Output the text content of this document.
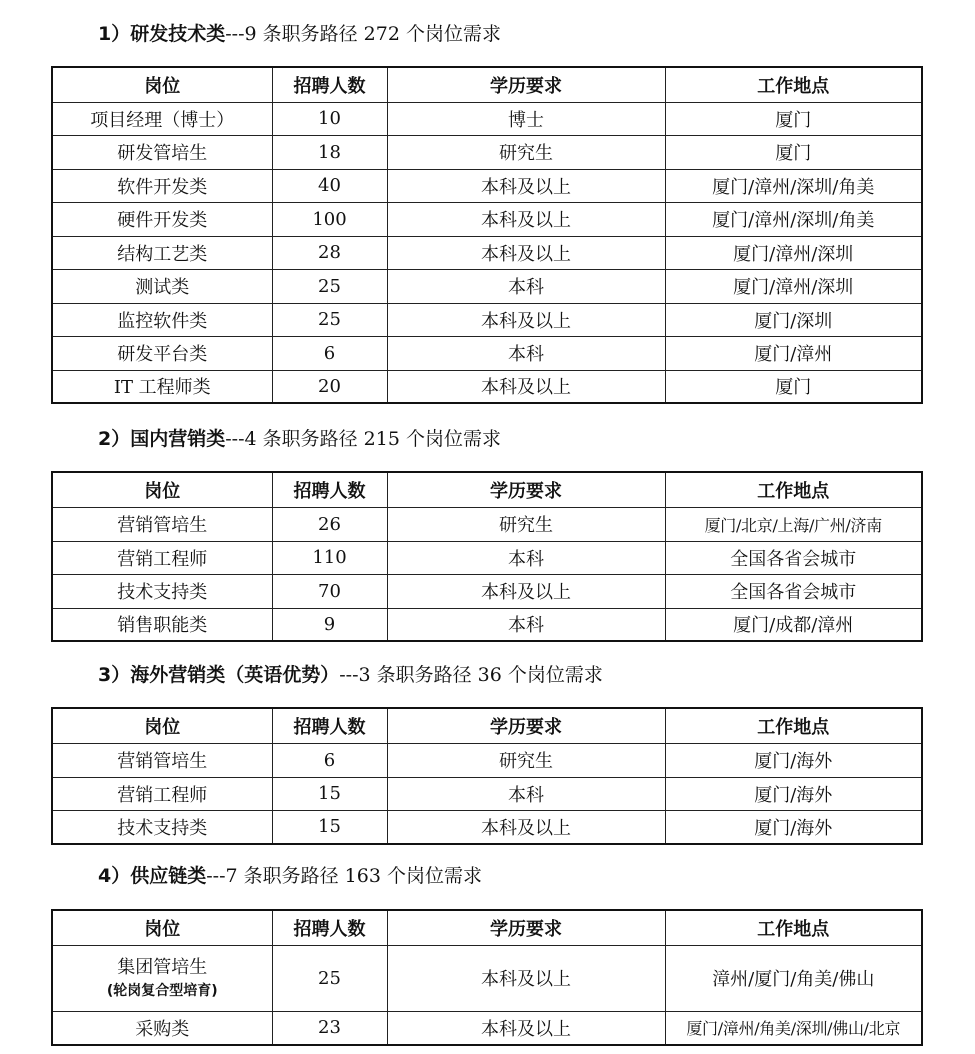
1）研发技术类---9 条职务路径 272 个岗位需求
岗位	招聘人数	学历要求	工作地点
项目经理（博士）	10	博士	厦门
研发管培生	18	研究生	厦门
软件开发类	40	本科及以上	厦门/漳州/深圳/角美
硬件开发类	100	本科及以上	厦门/漳州/深圳/角美
结构工艺类	28	本科及以上	厦门/漳州/深圳
测试类	25	本科	厦门/漳州/深圳
监控软件类	25	本科及以上	厦门/深圳
研发平台类	6	本科	厦门/漳州
IT 工程师类	20	本科及以上	厦门
2）国内营销类---4 条职务路径 215 个岗位需求
岗位	招聘人数	学历要求	工作地点
营销管培生	26	研究生	厦门/北京/上海/广州/济南
营销工程师	110	本科	全国各省会城市
技术支持类	70	本科及以上	全国各省会城市
销售职能类	9	本科	厦门/成都/漳州
3）海外营销类（英语优势）---3 条职务路径 36 个岗位需求
岗位	招聘人数	学历要求	工作地点
营销管培生	6	研究生	厦门/海外
营销工程师	15	本科	厦门/海外
技术支持类	15	本科及以上	厦门/海外
4）供应链类---7 条职务路径 163 个岗位需求
岗位	招聘人数	学历要求	工作地点

集团管培生
(轮岗复合型培育)	25	本科及以上	漳州/厦门/角美/佛山
采购类	23	本科及以上	厦门/漳州/角美/深圳/佛山/北京
